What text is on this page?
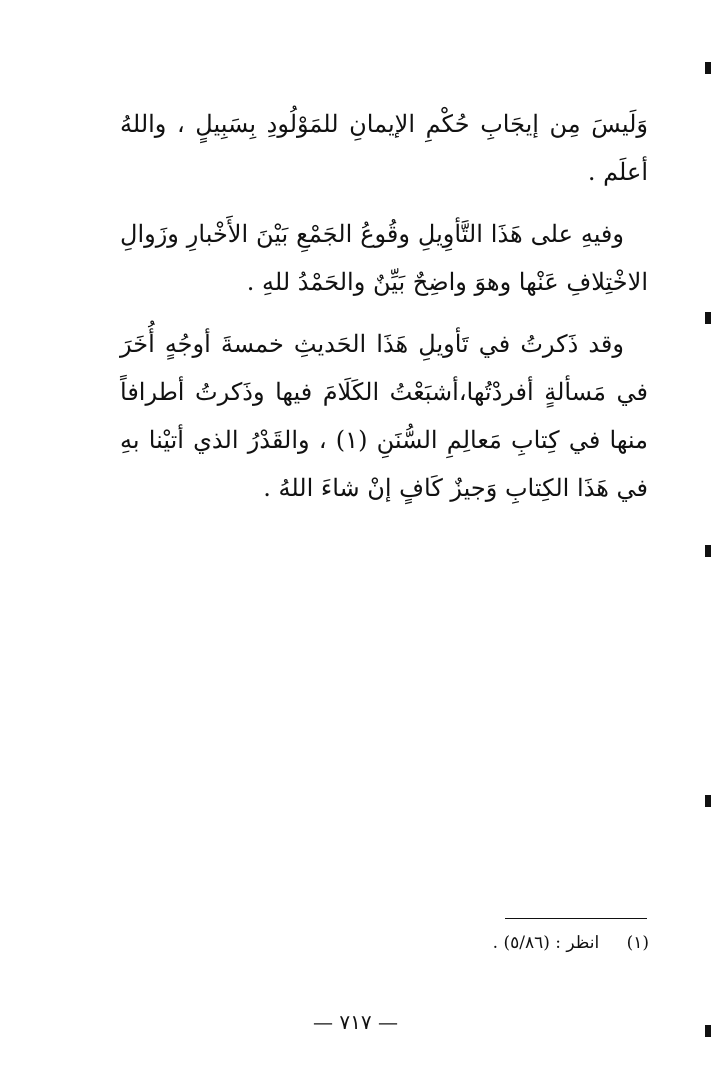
وَلَيسَ مِن إيجَابِ حُكْمِ الإيمانِ للمَوْلُودِ بِسَبِيلٍ ، واللهُ أعلَم .

وفيهِ على هَذَا التَّأوِيلِ وقُوعُ الجَمْعِ بَيْنَ الأَخْبارِ وزَوالِ الاخْتِلافِ عَنْها وهوَ واضِحٌ بَيِّنٌ والحَمْدُ للهِ .

وقد ذَكرتُ في تَأويلِ هَذَا الحَديثِ خمسةَ أوجُهٍ أُخَرَ في مَسألةٍ أفردْتُها،أشبَعْتُ الكَلَامَ فيها وذَكرتُ أطرافاً منها في كِتابِ مَعالِمِ السُّنَنِ (١) ، والقَدْرُ الذي أتيْنا بهِ في هَذَا الكِتابِ وَجيزٌ كَافٍ إنْ شاءَ اللهُ .

(١) انظر : (٥/٨٦) .
— ٧١٧ —
